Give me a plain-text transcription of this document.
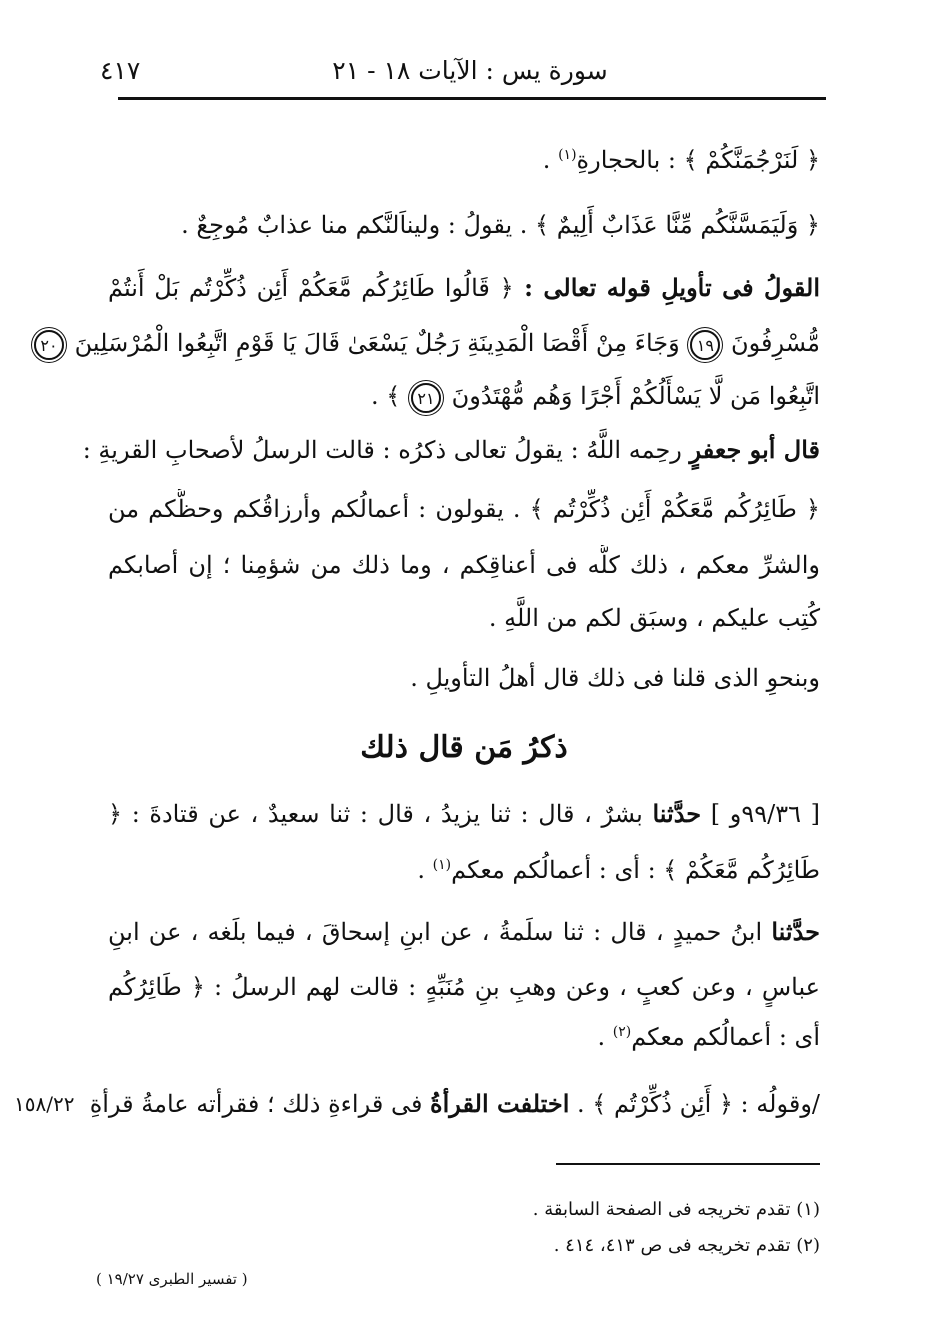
سورة يس : الآيات ١٨ - ٢١
٤١٧
﴿ لَنَرْجُمَنَّكُمْ ﴾ : بالحجارةِ$^{(١)}$ .
﴿ وَلَيَمَسَّنَّكُم مِّنَّا عَذَابٌ أَلِيمٌ ﴾ . يقولُ : وليناَلنَّكم منا عذابٌ مُوجِعٌ .
القولُ فى تأويلِ قوله تعالى : ﴿ قَالُوا طَائِرُكُم مَّعَكُمْ أَئِن ذُكِّرْتُم بَلْ أَنتُمْ
مُّسْرِفُونَ ١٩ وَجَاءَ مِنْ أَقْصَا الْمَدِينَةِ رَجُلٌ يَسْعَىٰ قَالَ يَا قَوْمِ اتَّبِعُوا الْمُرْسَلِينَ ٢٠
اتَّبِعُوا مَن لَّا يَسْأَلُكُمْ أَجْرًا وَهُم مُّهْتَدُونَ ٢١ ﴾ .
قال أبو جعفرٍ رحِمه اللَّهُ : يقولُ تعالى ذكرُه : قالت الرسلُ لأصحابِ القريةِ :
﴿ طَائِرُكُم مَّعَكُمْ أَئِن ذُكِّرْتُم ﴾ . يقولون : أعمالُكم وأرزاقُكم وحظُّكم من
والشرِّ معكم ، ذلك كلُّه فى أعناقِكم ، وما ذلك من شؤمِنا ؛ إن أصابكم
كُتِب عليكم ، وسبَق لكم من اللَّهِ .
وبنحوِ الذى قلنا فى ذلك قال أهلُ التأويلِ .
ذكرُ مَن قال ذلك
[ ٩٩/٣٦و ] حدَّثنا بشرٌ ، قال : ثنا يزيدُ ، قال : ثنا سعيدٌ ، عن قتادةَ : ﴿
طَائِرُكُم مَّعَكُمْ ﴾ : أى : أعمالُكم معكم$^{(١)}$ .
حدَّثنا ابنُ حميدٍ ، قال : ثنا سلَمةُ ، عن ابنِ إسحاقَ ، فيما بلَغه ، عن ابنِ
عباسٍ ، وعن كعبٍ ، وعن وهبِ بنِ مُنَبِّهٍ : قالت لهم الرسلُ : ﴿ طَائِرُكُم
أى : أعمالُكم معكم$^{(٢)}$ .
/وقولُه : ﴿ أَئِن ذُكِّرْتُم ﴾ . اختلفت القرأةُ فى قراءةِ ذلك ؛ فقرأته عامةُ قرأةِ
١٥٨/٢٢
(١) تقدم تخريجه فى الصفحة السابقة .
(٢) تقدم تخريجه فى ص ٤١٣، ٤١٤ .
( تفسير الطبرى ١٩/٢٧ )
